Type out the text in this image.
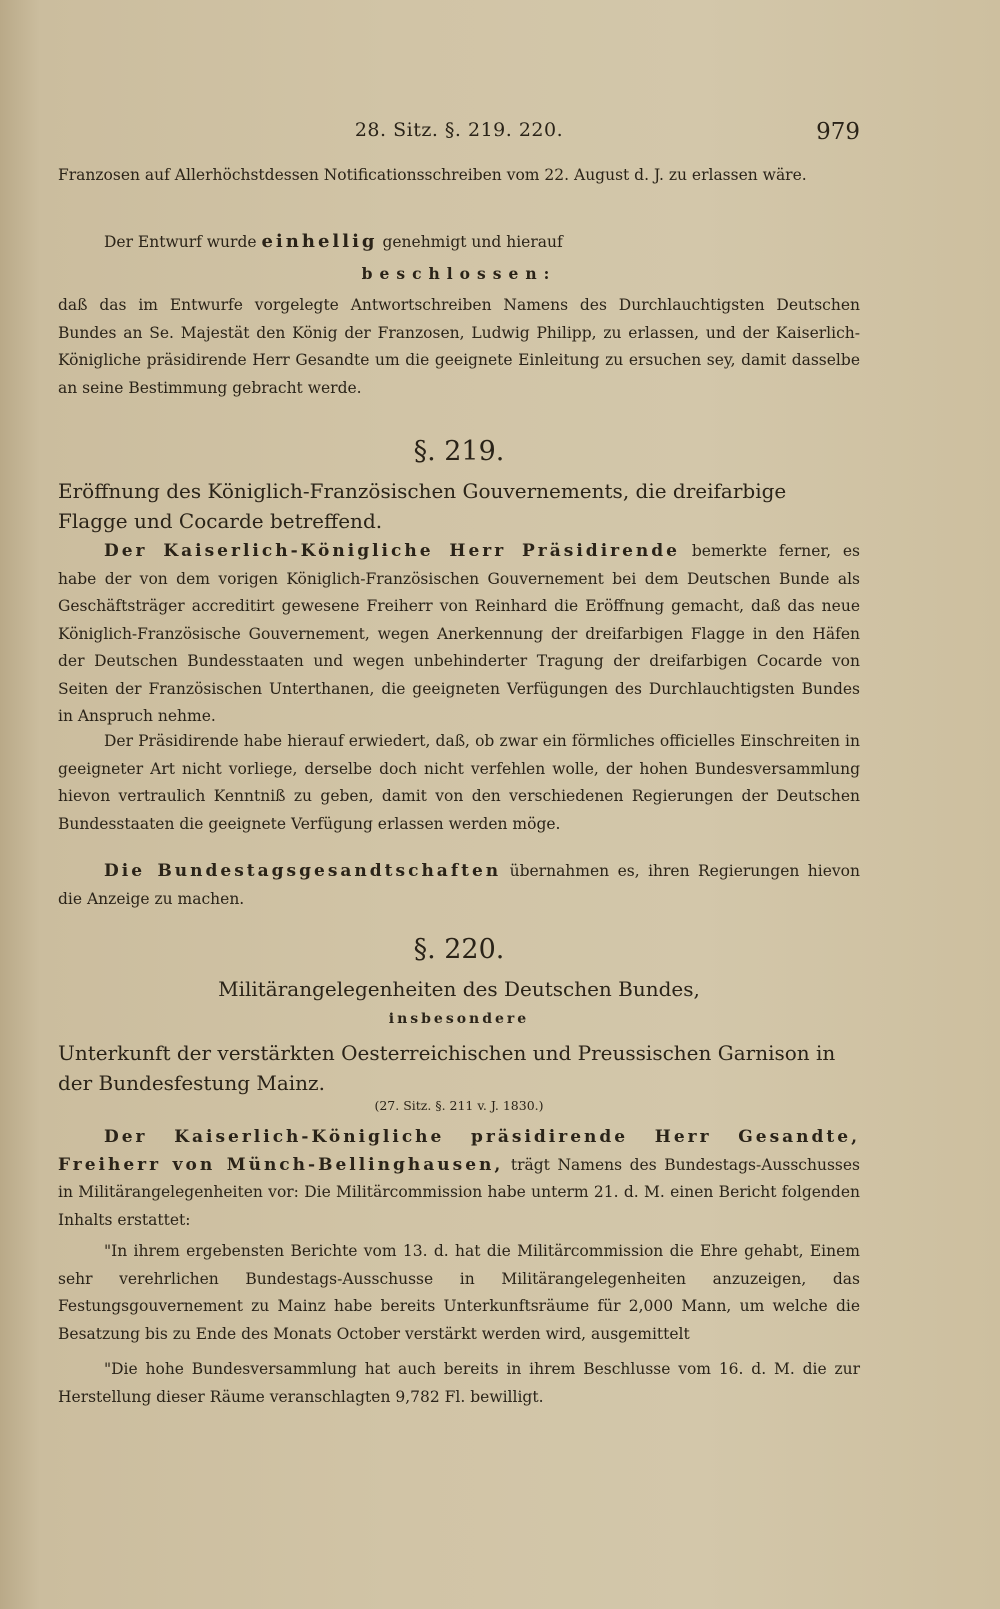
28. Sitz. §. 219. 220.	979

Franzosen auf Allerhöchstdessen Notificationsschreiben vom 22. August d. J. zu erlassen wäre.

Der Entwurf wurde einhellig genehmigt und hierauf

beschlossen:

daß das im Entwurfe vorgelegte Antwortschreiben Namens des Durchlauchtigsten Deutschen Bundes an Se. Majestät den König der Franzosen, Ludwig Philipp, zu erlassen, und der Kaiserlich-Königliche präsidirende Herr Gesandte um die geeignete Einleitung zu ersuchen sey, damit dasselbe an seine Bestimmung gebracht werde.

§. 219.

Eröffnung des Königlich-Französischen Gouvernements, die dreifarbige Flagge und Cocarde betreffend.

Der Kaiserlich-Königliche Herr Präsidirende bemerkte ferner, es habe der von dem vorigen Königlich-Französischen Gouvernement bei dem Deutschen Bunde als Geschäftsträger accreditirt gewesene Freiherr von Reinhard die Eröffnung gemacht, daß das neue Königlich-Französische Gouvernement, wegen Anerkennung der dreifarbigen Flagge in den Häfen der Deutschen Bundesstaaten und wegen unbehinderter Tragung der dreifarbigen Cocarde von Seiten der Französischen Unterthanen, die geeigneten Verfügungen des Durchlauchtigsten Bundes in Anspruch nehme.

Der Präsidirende habe hierauf erwiedert, daß, ob zwar ein förmliches officielles Einschreiten in geeigneter Art nicht vorliege, derselbe doch nicht verfehlen wolle, der hohen Bundesversammlung hievon vertraulich Kenntniß zu geben, damit von den verschiedenen Regierungen der Deutschen Bundesstaaten die geeignete Verfügung erlassen werden möge.

Die Bundestagsgesandtschaften übernahmen es, ihren Regierungen hievon die Anzeige zu machen.

§. 220.

Militärangelegenheiten des Deutschen Bundes,

insbesondere

Unterkunft der verstärkten Oesterreichischen und Preussischen Garnison in der Bundesfestung Mainz.

(27. Sitz. §. 211 v. J. 1830.)

Der Kaiserlich-Königliche präsidirende Herr Gesandte, Freiherr von Münch-Bellinghausen, trägt Namens des Bundestags-Ausschusses in Militärangelegenheiten vor: Die Militärcommission habe unterm 21. d. M. einen Bericht folgenden Inhalts erstattet:

"In ihrem ergebensten Berichte vom 13. d. hat die Militärcommission die Ehre gehabt, Einem sehr verehrlichen Bundestags-Ausschusse in Militärangelegenheiten anzuzeigen, das Festungsgouvernement zu Mainz habe bereits Unterkunftsräume für 2,000 Mann, um welche die Besatzung bis zu Ende des Monats October verstärkt werden wird, ausgemittelt

"Die hohe Bundesversammlung hat auch bereits in ihrem Beschlusse vom 16. d. M. die zur Herstellung dieser Räume veranschlagten 9,782 Fl. bewilligt.
